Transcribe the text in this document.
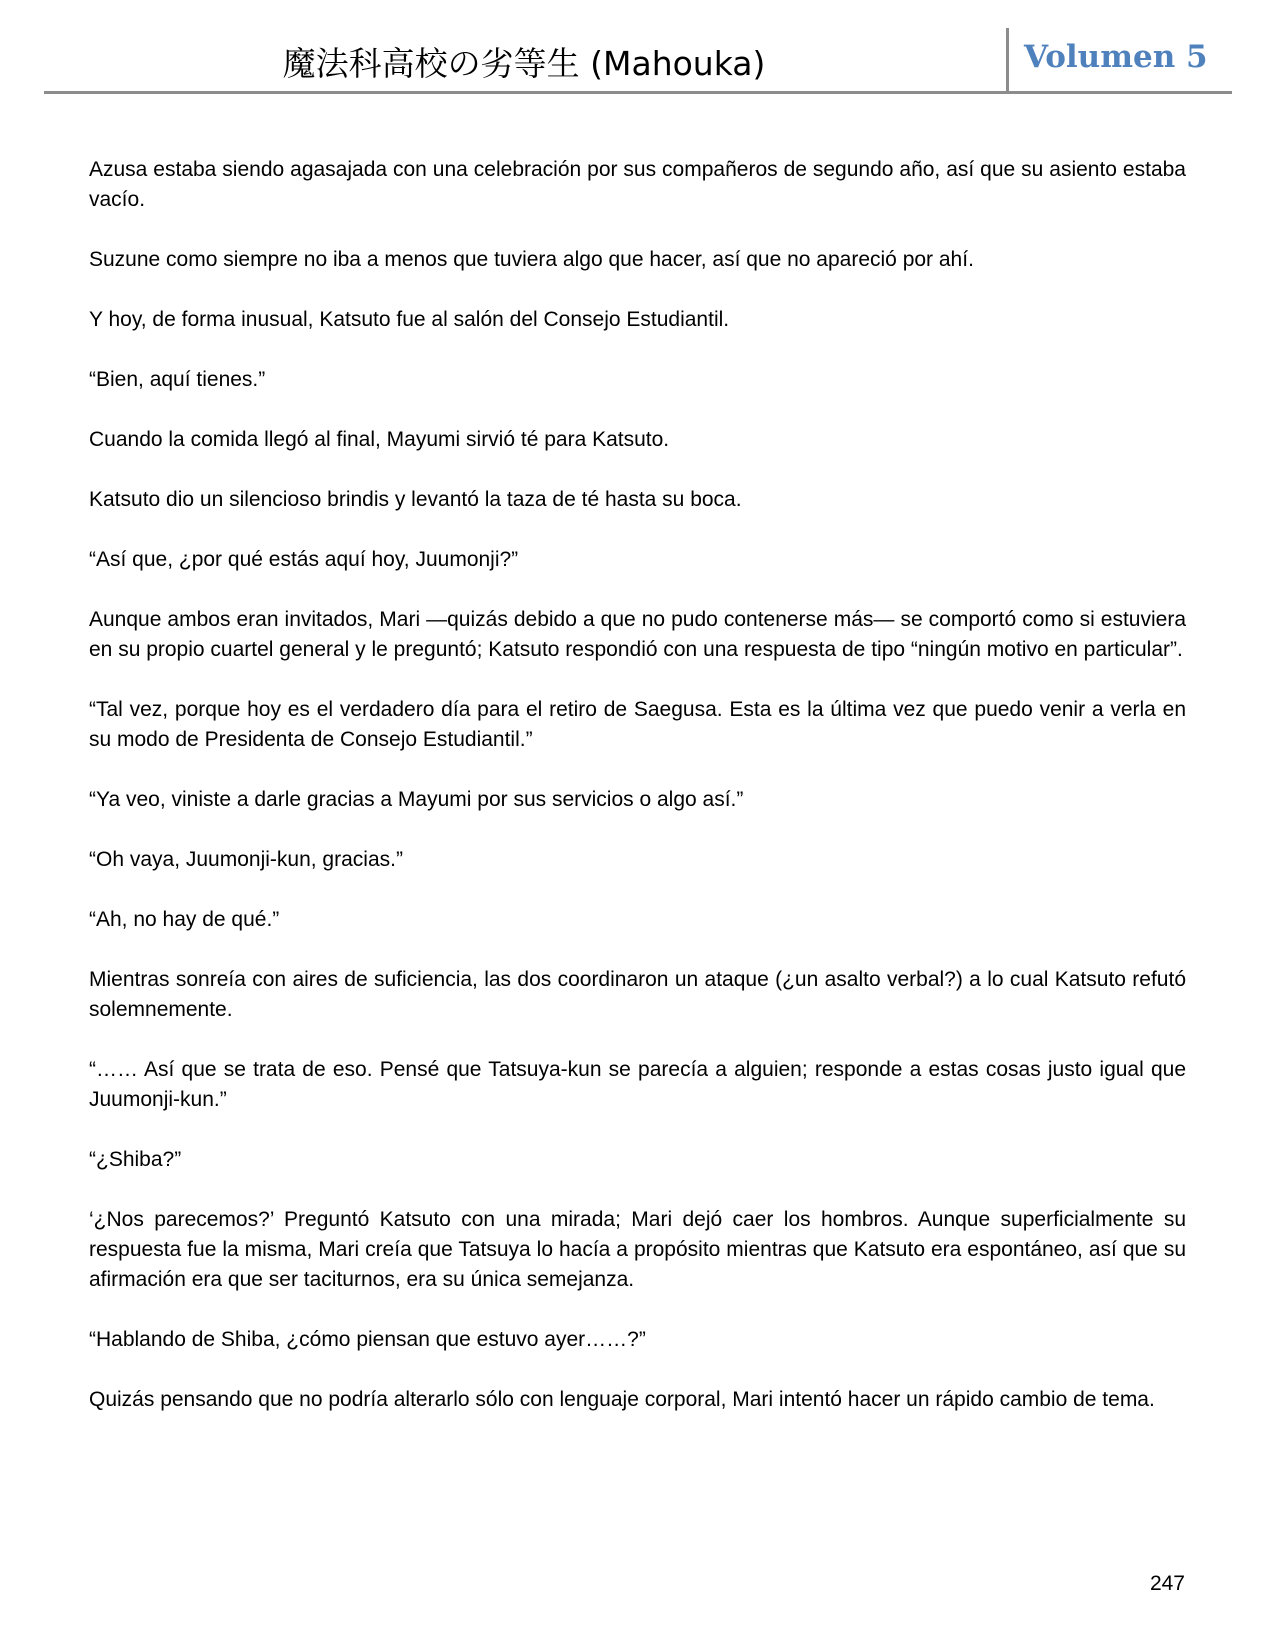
魔法科高校の劣等生 (Mahouka)	Volumen 5

Azusa estaba siendo agasajada con una celebración por sus compañeros de segundo año, así que su asiento estaba vacío.

Suzune como siempre no iba a menos que tuviera algo que hacer, así que no apareció por ahí.

Y hoy, de forma inusual, Katsuto fue al salón del Consejo Estudiantil.

“Bien, aquí tienes.”

Cuando la comida llegó al final, Mayumi sirvió té para Katsuto.

Katsuto dio un silencioso brindis y levantó la taza de té hasta su boca.

“Así que, ¿por qué estás aquí hoy, Juumonji?”

Aunque ambos eran invitados, Mari —quizás debido a que no pudo contenerse más— se comportó como si estuviera en su propio cuartel general y le preguntó; Katsuto respondió con una respuesta de tipo “ningún motivo en particular”.

“Tal vez, porque hoy es el verdadero día para el retiro de Saegusa. Esta es la última vez que puedo venir a verla en su modo de Presidenta de Consejo Estudiantil.”

“Ya veo, viniste a darle gracias a Mayumi por sus servicios o algo así.”

“Oh vaya, Juumonji-kun, gracias.”

“Ah, no hay de qué.”

Mientras sonreía con aires de suficiencia, las dos coordinaron un ataque (¿un asalto verbal?) a lo cual Katsuto refutó solemnemente.

“…… Así que se trata de eso. Pensé que Tatsuya-kun se parecía a alguien; responde a estas cosas justo igual que Juumonji-kun.”

“¿Shiba?”

‘¿Nos parecemos?’ Preguntó Katsuto con una mirada; Mari dejó caer los hombros. Aunque superficialmente su respuesta fue la misma, Mari creía que Tatsuya lo hacía a propósito mientras que Katsuto era espontáneo, así que su afirmación era que ser taciturnos, era su única semejanza.

“Hablando de Shiba, ¿cómo piensan que estuvo ayer……?”

Quizás pensando que no podría alterarlo sólo con lenguaje corporal, Mari intentó hacer un rápido cambio de tema.

247
